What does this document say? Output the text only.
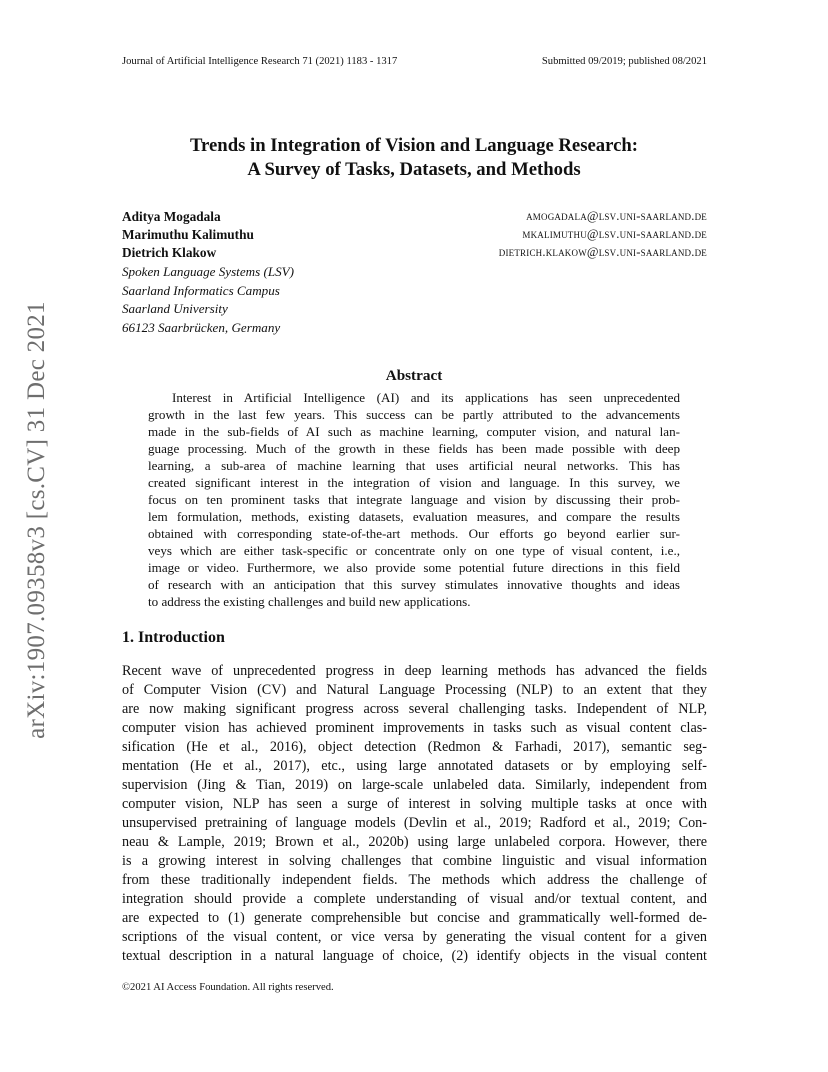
Journal of Artificial Intelligence Research 71 (2021) 1183 - 1317	Submitted 09/2019; published 08/2021
arXiv:1907.09358v3 [cs.CV] 31 Dec 2021
Trends in Integration of Vision and Language Research:
A Survey of Tasks, Datasets, and Methods
Aditya Mogadala	amogadala@lsv.uni-saarland.de
Marimuthu Kalimuthu	mkalimuthu@lsv.uni-saarland.de
Dietrich Klakow	dietrich.klakow@lsv.uni-saarland.de
Spoken Language Systems (LSV)
Saarland Informatics Campus
Saarland University
66123 Saarbrücken, Germany
Abstract
Interest in Artificial Intelligence (AI) and its applications has seen unprecedented
growth in the last few years. This success can be partly attributed to the advancements
made in the sub-fields of AI such as machine learning, computer vision, and natural lan-
guage processing. Much of the growth in these fields has been made possible with deep
learning, a sub-area of machine learning that uses artificial neural networks. This has
created significant interest in the integration of vision and language. In this survey, we
focus on ten prominent tasks that integrate language and vision by discussing their prob-
lem formulation, methods, existing datasets, evaluation measures, and compare the results
obtained with corresponding state-of-the-art methods. Our efforts go beyond earlier sur-
veys which are either task-specific or concentrate only on one type of visual content, i.e.,
image or video. Furthermore, we also provide some potential future directions in this field
of research with an anticipation that this survey stimulates innovative thoughts and ideas
to address the existing challenges and build new applications.
1. Introduction
Recent wave of unprecedented progress in deep learning methods has advanced the fields
of Computer Vision (CV) and Natural Language Processing (NLP) to an extent that they
are now making significant progress across several challenging tasks. Independent of NLP,
computer vision has achieved prominent improvements in tasks such as visual content clas-
sification (He et al., 2016), object detection (Redmon & Farhadi, 2017), semantic seg-
mentation (He et al., 2017), etc., using large annotated datasets or by employing self-
supervision (Jing & Tian, 2019) on large-scale unlabeled data. Similarly, independent from
computer vision, NLP has seen a surge of interest in solving multiple tasks at once with
unsupervised pretraining of language models (Devlin et al., 2019; Radford et al., 2019; Con-
neau & Lample, 2019; Brown et al., 2020b) using large unlabeled corpora. However, there
is a growing interest in solving challenges that combine linguistic and visual information
from these traditionally independent fields. The methods which address the challenge of
integration should provide a complete understanding of visual and/or textual content, and
are expected to (1) generate comprehensible but concise and grammatically well-formed de-
scriptions of the visual content, or vice versa by generating the visual content for a given
textual description in a natural language of choice, (2) identify objects in the visual content
©2021 AI Access Foundation. All rights reserved.
